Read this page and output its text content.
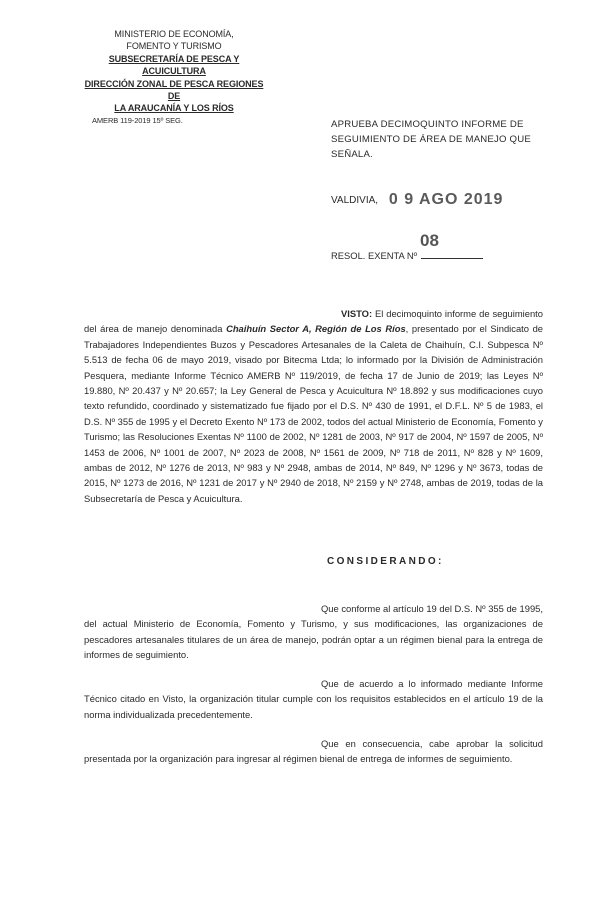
MINISTERIO DE ECONOMÍA,
FOMENTO Y TURISMO
SUBSECRETARÍA DE PESCA Y ACUICULTURA
DIRECCIÓN ZONAL DE PESCA REGIONES DE
LA ARAUCANÍA Y LOS RÍOS
AMERB 119-2019 15º SEG.	APRUEBA DECIMOQUINTO INFORME DE SEGUIMIENTO DE ÁREA DE MANEJO QUE SEÑALA.
VALDIVIA, 0 9 AGO 2019
08
RESOL. EXENTA Nº
VISTO: El decimoquinto informe de seguimiento del área de manejo denominada Chaihuín Sector A, Región de Los Ríos, presentado por el Sindicato de Trabajadores Independientes Buzos y Pescadores Artesanales de la Caleta de Chaihuín, C.I. Subpesca Nº 5.513 de fecha 06 de mayo 2019, visado por Bitecma Ltda; lo informado por la División de Administración Pesquera, mediante Informe Técnico AMERB Nº 119/2019, de fecha 17 de Junio de 2019; las Leyes Nº 19.880, Nº 20.437 y Nº 20.657; la Ley General de Pesca y Acuicultura Nº 18.892 y sus modificaciones cuyo texto refundido, coordinado y sistematizado fue fijado por el D.S. Nº 430 de 1991, el D.F.L. Nº 5 de 1983, el D.S. Nº 355 de 1995 y el Decreto Exento Nº 173 de 2002, todos del actual Ministerio de Economía, Fomento y Turismo; las Resoluciones Exentas Nº 1100 de 2002, Nº 1281 de 2003, Nº 917 de 2004, Nº 1597 de 2005, Nº 1453 de 2006, Nº 1001 de 2007, Nº 2023 de 2008, Nº 1561 de 2009, Nº 718 de 2011, Nº 828 y Nº 1609, ambas de 2012, Nº 1276 de 2013, Nº 983 y Nº 2948, ambas de 2014, Nº 849, Nº 1296 y Nº 3673, todas de 2015, Nº 1273 de 2016, Nº 1231 de 2017 y Nº 2940 de 2018, Nº 2159 y Nº 2748, ambas de 2019, todas de la Subsecretaría de Pesca y Acuicultura.
CONSIDERANDO:
Que conforme al artículo 19 del D.S. Nº 355 de 1995, del actual Ministerio de Economía, Fomento y Turismo, y sus modificaciones, las organizaciones de pescadores artesanales titulares de un área de manejo, podrán optar a un régimen bienal para la entrega de informes de seguimiento.
Que de acuerdo a lo informado mediante Informe Técnico citado en Visto, la organización titular cumple con los requisitos establecidos en el artículo 19 de la norma individualizada precedentemente.
Que en consecuencia, cabe aprobar la solicitud presentada por la organización para ingresar al régimen bienal de entrega de informes de seguimiento.
